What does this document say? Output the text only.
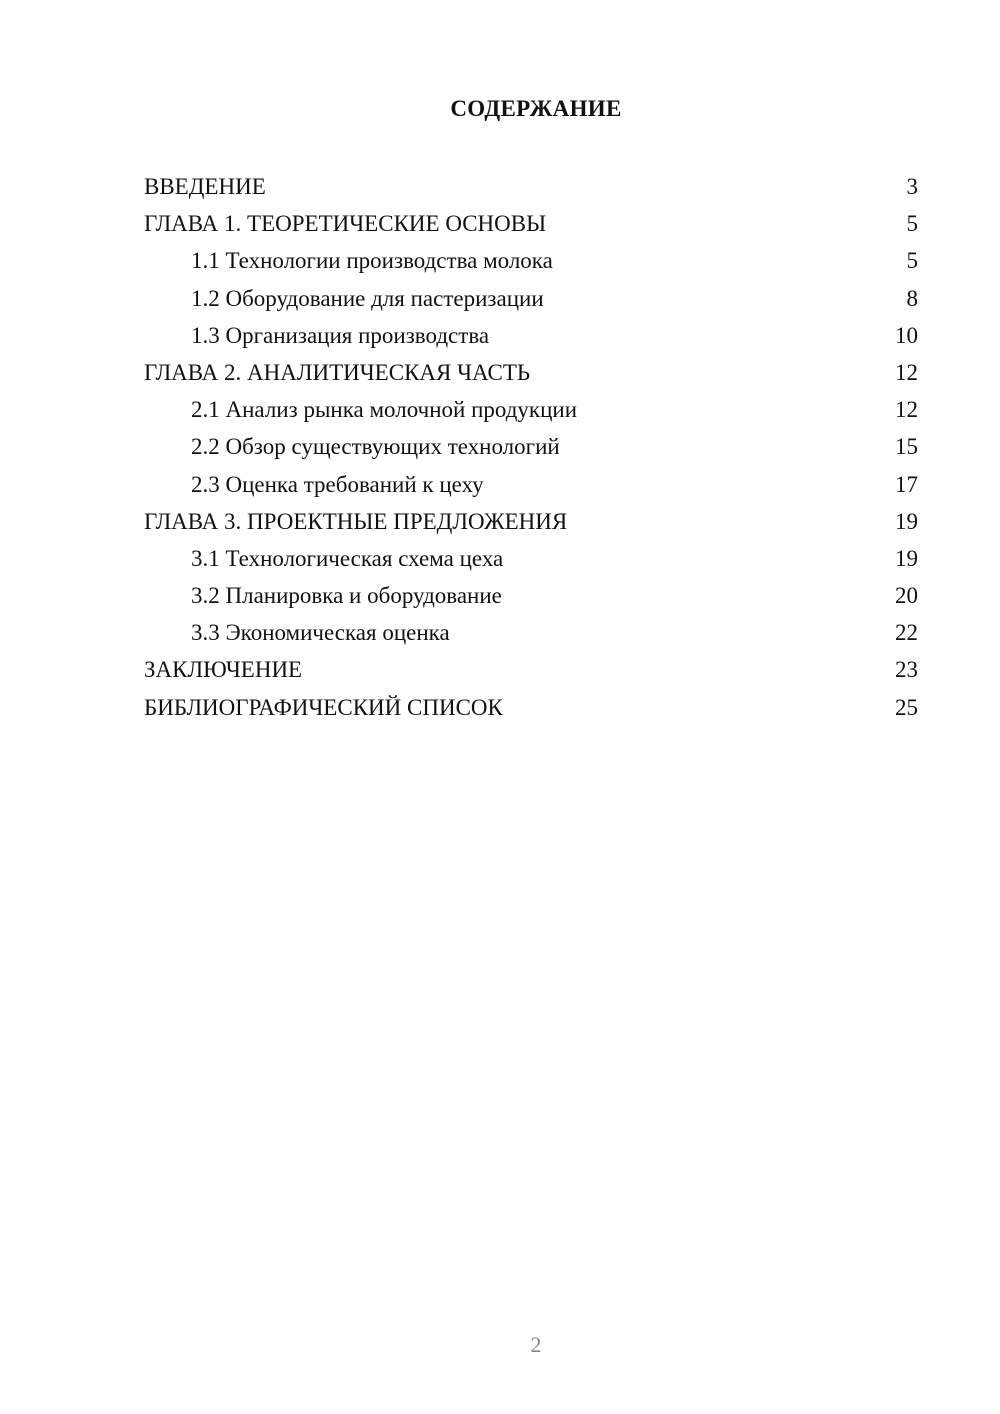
СОДЕРЖАНИЕ
ВВЕДЕНИЕ	3
ГЛАВА 1. ТЕОРЕТИЧЕСКИЕ ОСНОВЫ	5
1.1 Технологии производства молока	5
1.2 Оборудование для пастеризации	8
1.3 Организация производства	10
ГЛАВА 2. АНАЛИТИЧЕСКАЯ ЧАСТЬ	12
2.1 Анализ рынка молочной продукции	12
2.2 Обзор существующих технологий	15
2.3 Оценка требований к цеху	17
ГЛАВА 3. ПРОЕКТНЫЕ ПРЕДЛОЖЕНИЯ	19
3.1 Технологическая схема цеха	19
3.2 Планировка и оборудование	20
3.3 Экономическая оценка	22
ЗАКЛЮЧЕНИЕ	23
БИБЛИОГРАФИЧЕСКИЙ СПИСОК	25
2
